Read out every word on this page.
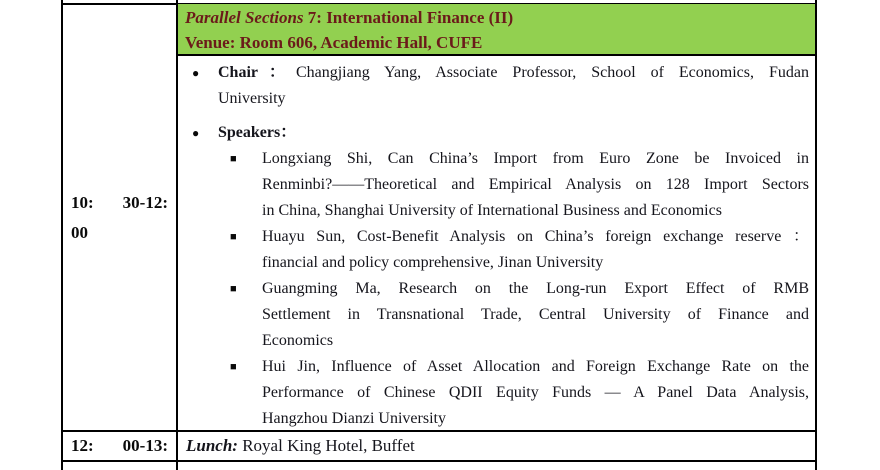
Parallel Sections 7: International Finance (II)
Venue: Room 606, Academic Hall, CUFE
10: 30-12:
00
● Chair：Changjiang Yang, Associate Professor, School of Economics, Fudan
University
● Speakers：
■ Longxiang Shi, Can China’s Import from Euro Zone be Invoiced in
Renminbi?——Theoretical and Empirical Analysis on 128 Import Sectors
in China, Shanghai University of International Business and Economics
■ Huayu Sun, Cost-Benefit Analysis on China’s foreign exchange reserve ：
financial and policy comprehensive, Jinan University
■ Guangming Ma, Research on the Long-run Export Effect of RMB
Settlement in Transnational Trade, Central University of Finance and
Economics
■ Hui Jin, Influence of Asset Allocation and Foreign Exchange Rate on the
Performance of Chinese QDII Equity Funds — A Panel Data Analysis,
Hangzhou Dianzi University
12: 00-13: Lunch: Royal King Hotel, Buffet
